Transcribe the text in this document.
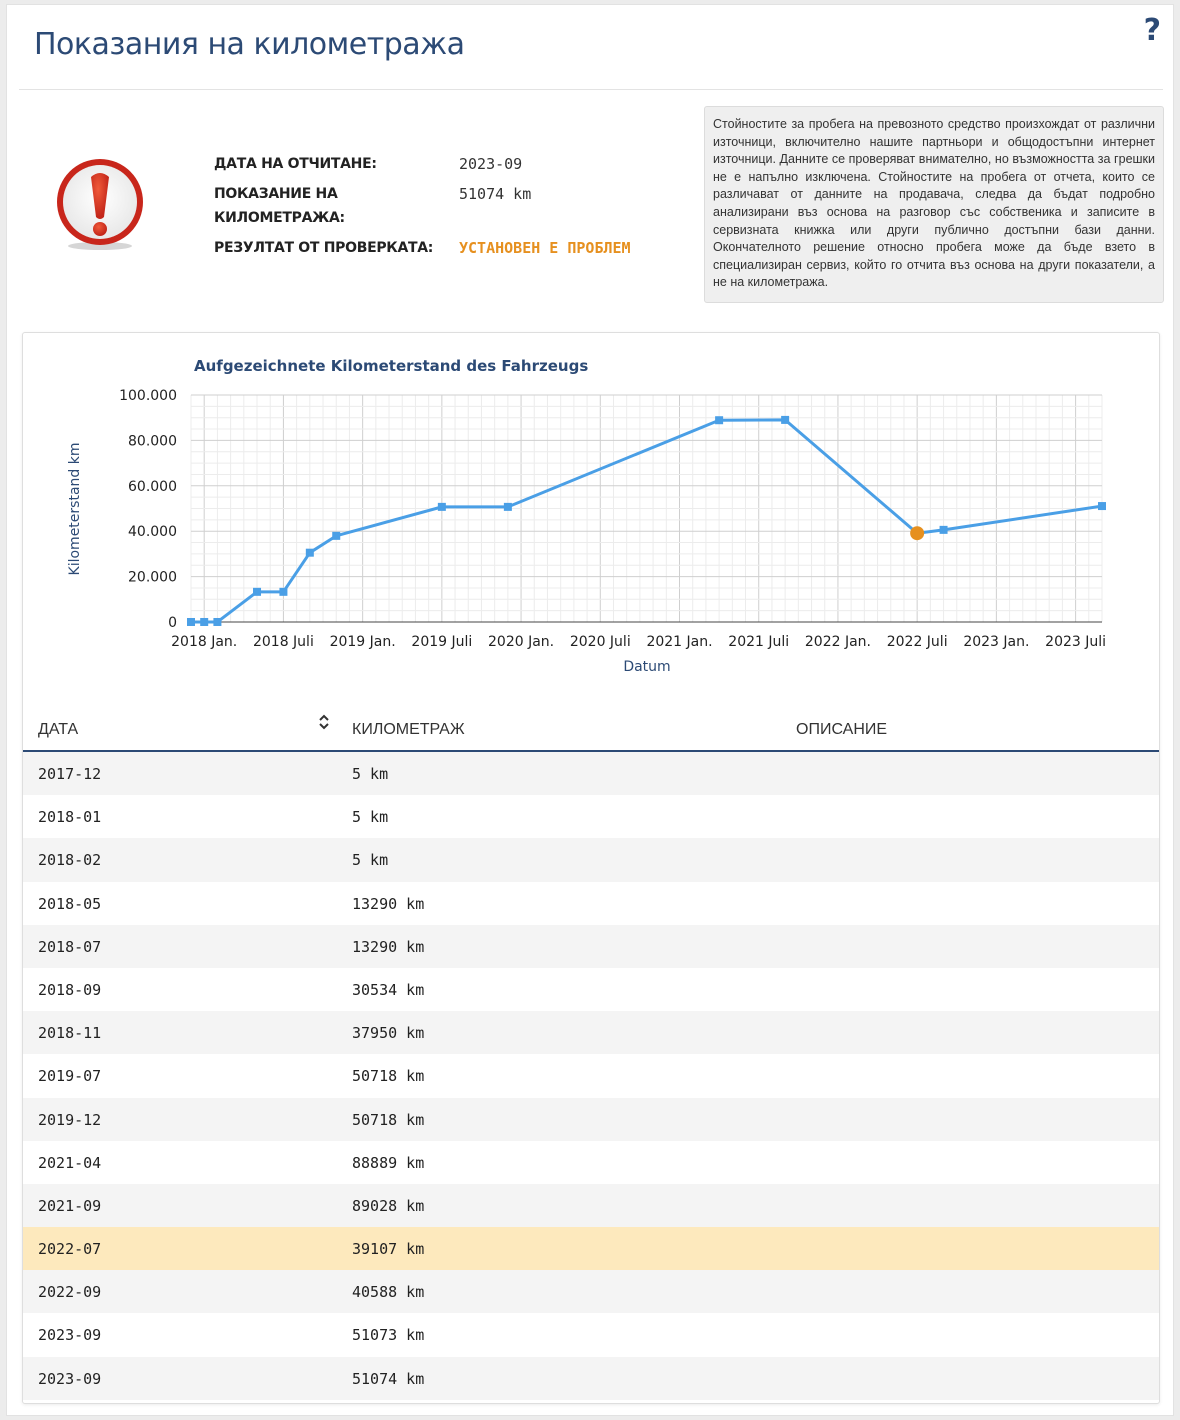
Показания на километража	?
ДАТА НА ОТЧИТАНЕ:	2023-09
ПОКАЗАНИЕ НА КИЛОМЕТРАЖА:
51074 km
РЕЗУЛТАТ ОТ ПРОВЕРКАТА:	УСТАНОВЕН Е ПРОБЛЕМ
Стойностите за пробега на превозното средство произхождат от различни източници, включително нашите партньори и общодостъпни интернет източници. Данните се проверяват внимателно, но възможността за грешки не е напълно изключена. Стойностите на пробега от отчета, които се различават от данните на продавача, следва да бъдат подробно анализирани въз основа на разговор със собственика и записите в сервизната книжка или други публично достъпни бази данни. Окончателното решение относно пробега може да бъде взето в специализиран сервиз, който го отчита въз основа на други показатели, а не на километража.
Aufgezeichnete Kilometerstand des Fahrzeugs
0
20.000
40.000
60.000
80.000
100.000
2018 Jan. 2018 Juli 2019 Jan. 2019 Juli 2020 Jan. 2020 Juli 2021 Jan. 2021 Juli 2022 Jan. 2022 Juli 2023 Jan. 2023 Juli
Datum
Kilometerstand km
ДАТА	КИЛОМЕТРАЖ	ОПИСАНИЕ
2017-12	5 km
2018-01	5 km
2018-02	5 km
2018-05	13290 km
2018-07	13290 km
2018-09	30534 km
2018-11	37950 km
2019-07	50718 km
2019-12	50718 km
2021-04	88889 km
2021-09	89028 km
2022-07	39107 km
2022-09	40588 km
2023-09	51073 km
2023-09	51074 km
